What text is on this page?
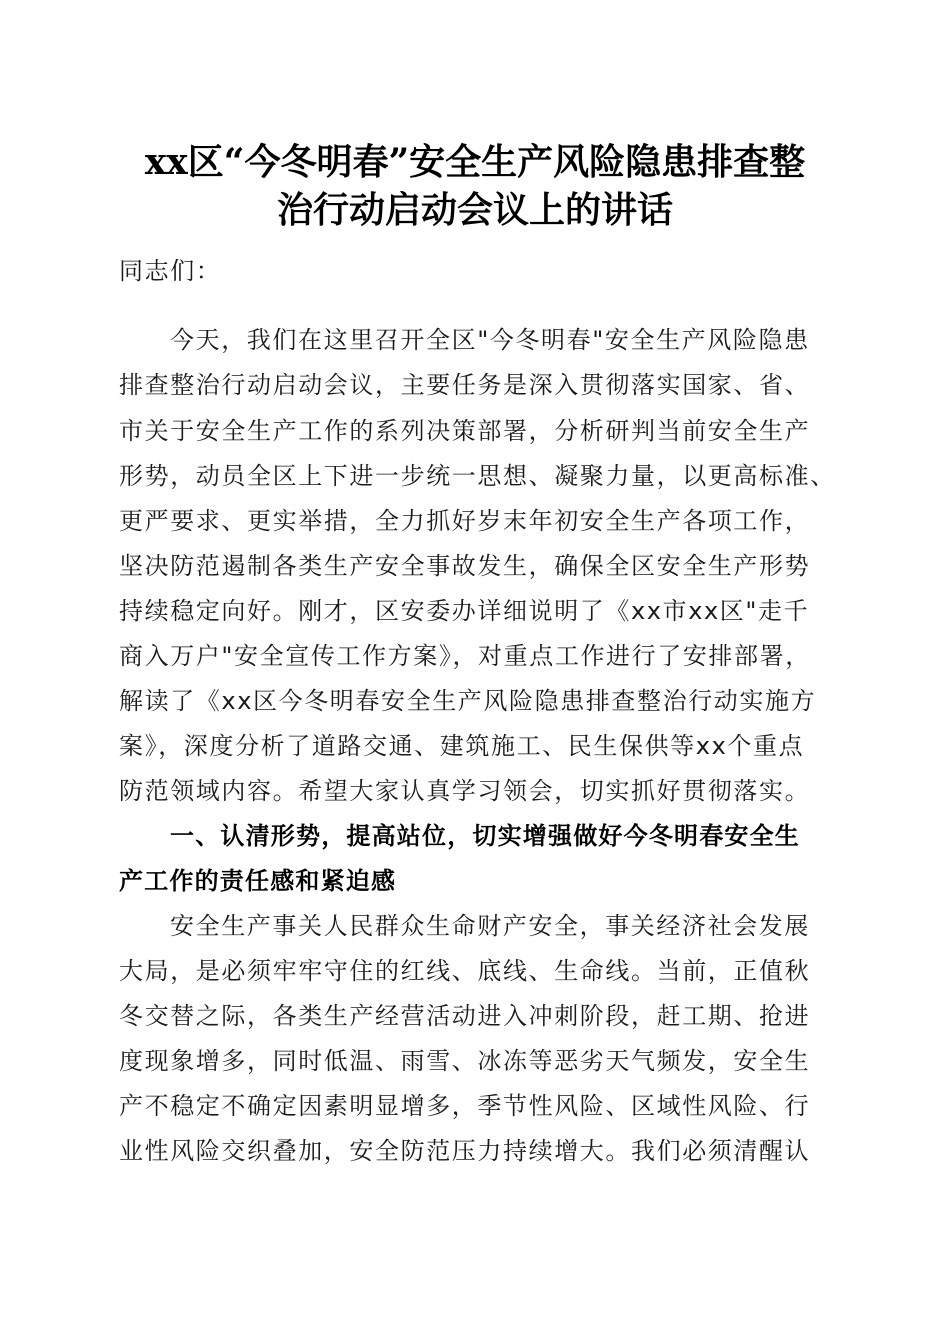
xx区“今冬明春”安全生产风险隐患排查整
治行动启动会议上的讲话
同志们：
今天，我们在这里召开全区"今冬明春"安全生产风险隐患
排查整治行动启动会议，主要任务是深入贯彻落实国家、省、
市关于安全生产工作的系列决策部署，分析研判当前安全生产
形势，动员全区上下进一步统一思想、凝聚力量，以更高标准、
更严要求、更实举措，全力抓好岁末年初安全生产各项工作，
坚决防范遏制各类生产安全事故发生，确保全区安全生产形势
持续稳定向好。刚才，区安委办详细说明了《xx市xx区"走千
商入万户"安全宣传工作方案》，对重点工作进行了安排部署，
解读了《xx区今冬明春安全生产风险隐患排查整治行动实施方
案》，深度分析了道路交通、建筑施工、民生保供等xx个重点
防范领域内容。希望大家认真学习领会，切实抓好贯彻落实。
一、认清形势，提高站位，切实增强做好今冬明春安全生
产工作的责任感和紧迫感
安全生产事关人民群众生命财产安全，事关经济社会发展
大局，是必须牢牢守住的红线、底线、生命线。当前，正值秋
冬交替之际，各类生产经营活动进入冲刺阶段，赶工期、抢进
度现象增多，同时低温、雨雪、冰冻等恶劣天气频发，安全生
产不稳定不确定因素明显增多，季节性风险、区域性风险、行
业性风险交织叠加，安全防范压力持续增大。我们必须清醒认
